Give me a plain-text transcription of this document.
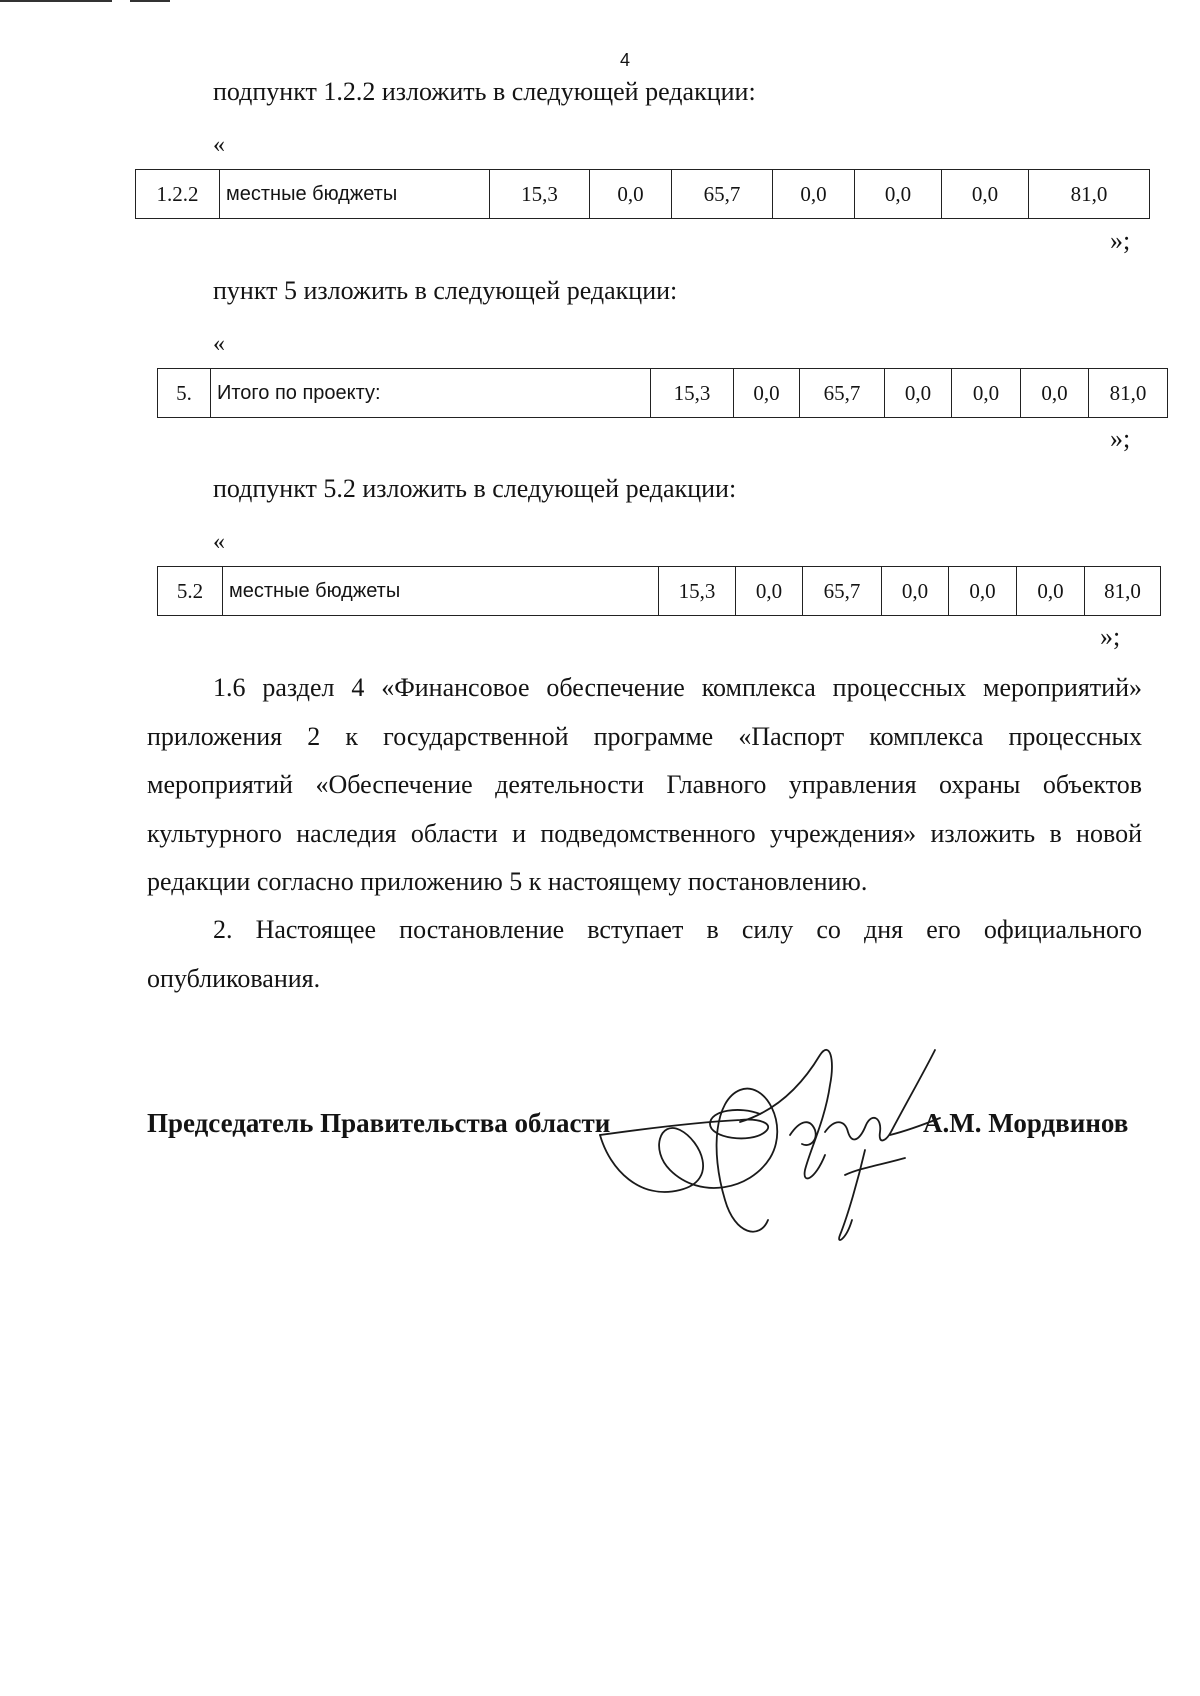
4
подпункт 1.2.2 изложить в следующей редакции:
«
1.2.2	местные бюджеты	15,3	0,0	65,7	0,0	0,0	0,0	81,0
»;
пункт 5 изложить в следующей редакции:
«
5.	Итого по проекту:	15,3	0,0	65,7	0,0	0,0	0,0	81,0
»;
подпункт 5.2 изложить в следующей редакции:
«
5.2	местные бюджеты	15,3	0,0	65,7	0,0	0,0	0,0	81,0
»;
1.6 раздел 4 «Финансовое обеспечение комплекса процессных мероприятий» приложения 2 к государственной программе «Паспорт комплекса процессных мероприятий «Обеспечение деятельности Главного управления охраны объектов культурного наследия области и подведомственного учреждения» изложить в новой редакции согласно приложению 5 к настоящему постановлению.
2. Настоящее постановление вступает в силу со дня его официального опубликования.
Председатель Правительства области	А.М. Мордвинов
